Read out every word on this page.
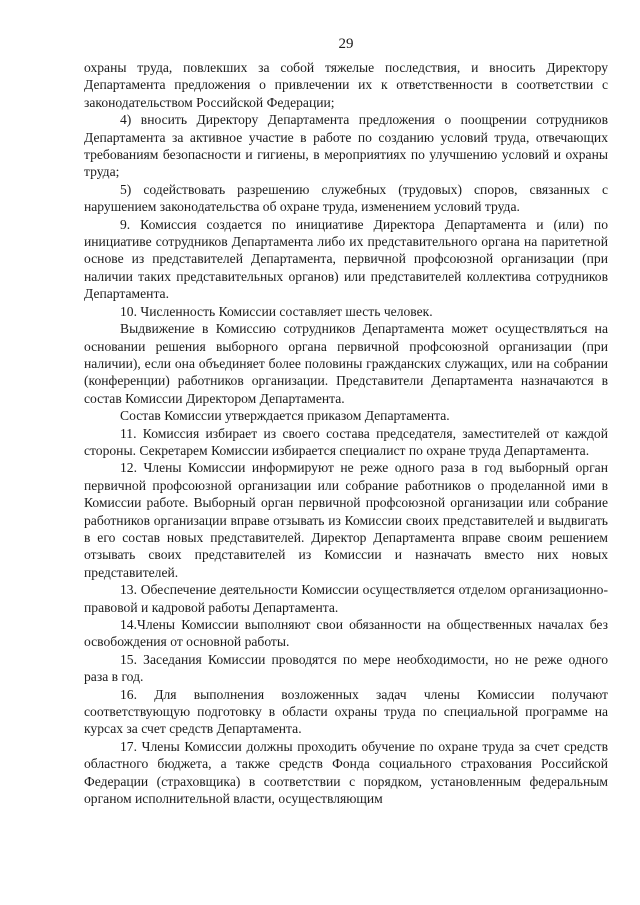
29

охраны труда, повлекших за собой тяжелые последствия, и вносить Директору Департамента предложения о привлечении их к ответственности в соответствии с законодательством Российской Федерации;

4) вносить Директору Департамента предложения о поощрении сотрудников Департамента за активное участие в работе по созданию условий труда, отвечающих требованиям безопасности и гигиены, в мероприятиях по улучшению условий и охраны труда;

5) содействовать разрешению служебных (трудовых) споров, связанных с нарушением законодательства об охране труда, изменением условий труда.

9. Комиссия создается по инициативе Директора Департамента и (или) по инициативе сотрудников Департамента либо их представительного органа на паритетной основе из представителей Департамента, первичной профсоюзной организации (при наличии таких представительных органов) или представителей коллектива сотрудников Департамента.

10. Численность Комиссии составляет шесть человек.

Выдвижение в Комиссию сотрудников Департамента может осуществляться на основании решения выборного органа первичной профсоюзной организации (при наличии), если она объединяет более половины гражданских служащих, или на собрании (конференции) работников организации. Представители Департамента назначаются в состав Комиссии Директором Департамента.

Состав Комиссии утверждается приказом Департамента.

11. Комиссия избирает из своего состава председателя, заместителей от каждой стороны. Секретарем Комиссии избирается специалист по охране труда Департамента.

12. Члены Комиссии информируют не реже одного раза в год выборный орган первичной профсоюзной организации или собрание работников о проделанной ими в Комиссии работе. Выборный орган первичной профсоюзной организации или собрание работников организации вправе отзывать из Комиссии своих представителей и выдвигать в его состав новых представителей. Директор Департамента вправе своим решением отзывать своих представителей из Комиссии и назначать вместо них новых представителей.

13. Обеспечение деятельности Комиссии осуществляется отделом организационно-правовой и кадровой работы Департамента.

14.Члены Комиссии выполняют свои обязанности на общественных началах без освобождения от основной работы.

15. Заседания Комиссии проводятся по мере необходимости, но не реже одного раза в год.

16. Для выполнения возложенных задач члены Комиссии получают соответствующую подготовку в области охраны труда по специальной программе на курсах за счет средств Департамента.

17. Члены Комиссии должны проходить обучение по охране труда за счет средств областного бюджета, а также средств Фонда социального страхования Российской Федерации (страховщика) в соответствии с порядком, установленным федеральным органом исполнительной власти, осуществляющим
